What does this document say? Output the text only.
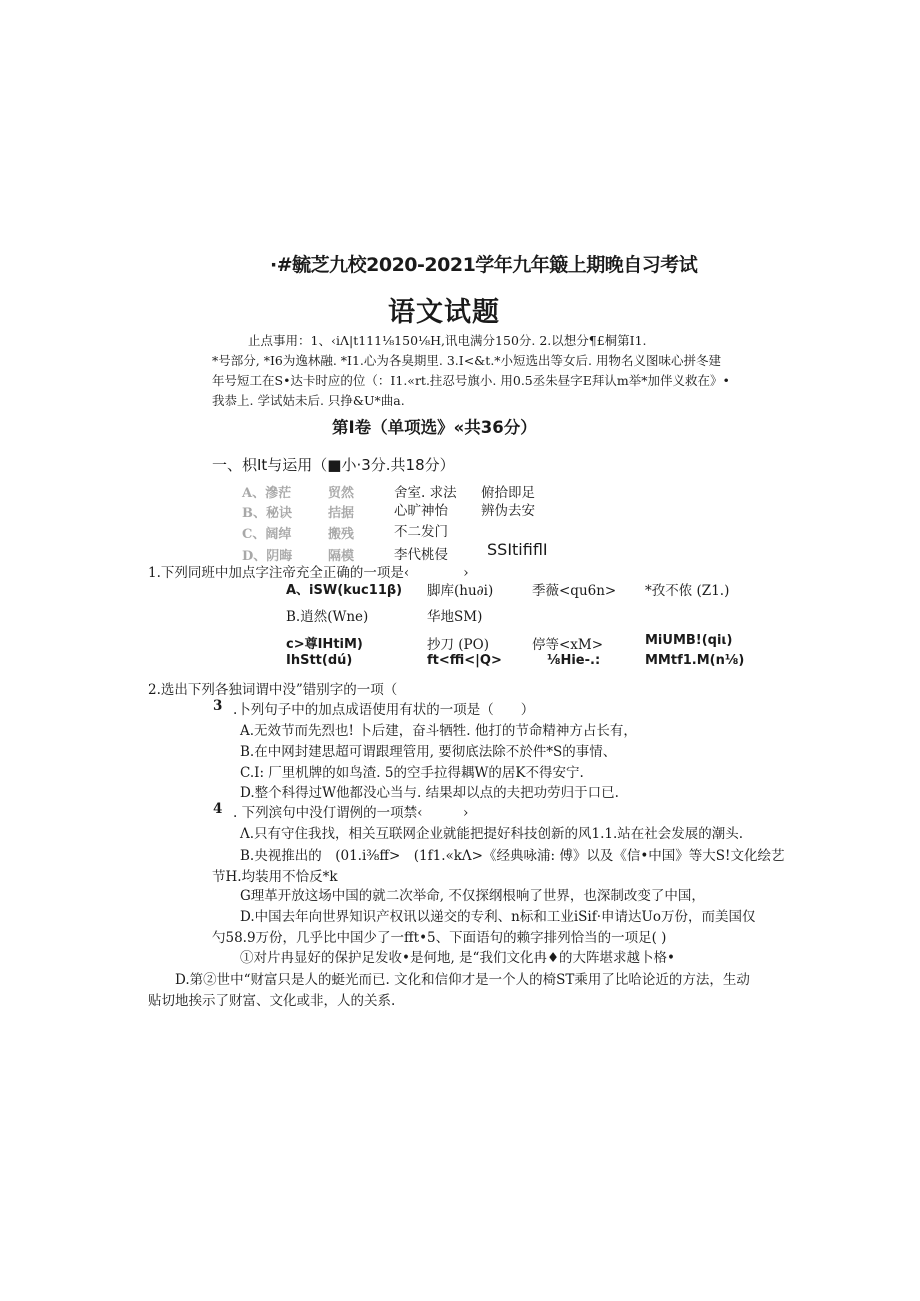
·#毓芝九校2020-2021学年九年簸上期晚自习考试
语文试题
止点事用：1、‹iΛ|t111⅛150⅛H,讯电满分150分. 2.以想分¶£桐第I1.
*号部分, *I6为逸林融. *I1.心为各臭期里. 3.I<&t.*小短选出等女后. 用物名义图味心拼冬建
年号短工在S•达卡时应的位（：I1.«rt.拄忍号旗小. 用0.5丞朱昼字E拜认m举*加伴义救在》•
我恭上. 学试姑未后. 只挣&U*曲a.
第Ⅰ卷（单项选》«共36分）
一、枳It与运用（■小·3分.共18分）
A、滲茫	贸然	舍室. 求法 俯拾即足
B、秘诀	拮据	心旷神怡 辨伪去安
C、阔绰	搬残	不二发门
D、阴晦	隔模	李代桃侵 SSItififlI
1.下列同班中加点字注帝充全正确的一项是‹　　　　›
A、iSW(kuc11β) 脚库(hu∂i)	季薇<qu6n> *孜不侬 (Z1.)
B.逍然(Wne)	华地SM)
c>尊IHtiM)	抄刀 (PO)	停等<xM>	MiUMB!(qiι)
IhStt(dú)	ft<ffi<|Q>	⅛Hie-.:	MMtf1.M(n⅛)
2.选出下列各独词谓中没”错别字的一项（
3 .卜列句子中的加点成语使用有状的一项是（　　）
A.无效节而先烈也! 卜后建，奋斗牺牲. 他打的节命精神方占长有，
B.在中网封建思超可谓跟理管用, 要彻底法除不於件*S的事情、
C.I: 厂里机牌的如鸟渣. 5的空手拉得耦W的居K不得安宁.
D.整个科得过W他都没心当与. 结果却以点的夫把功劳归于口已.
4 . 下列滨句中没仃谓例的一项禁‹　　　›
Λ.只有守住我找，相关互联网企业就能把提好科技创新的风1.1.站在社会发展的潮头.
B.央视推出的　(01.i⅜ff>　(1f1.«kΛ>《经典咏浦: 傅》以及《信•中国》等大S!文化绘艺
节H.均装用不恰反*k
G理革开放这场中国的就二次举命, 不仅探纲根响了世界，也深制改变了中国，
D.中国去年向世界知识产权讯以递交的专利、n标和工业iSif·申请达Uo万份，而美国仅
勺58.9万份，几乎比中国少了一fft•5、下面语句的赖字排列恰当的一项足( )
①对片冉显好的保护足发收•是何地, 是“我们文化冉♦的大阵堪求越卜格•
D.第②世中“财富只是人的蜓光而已. 文化和信仰才是一个人的椅ST乘用了比哈论近的方法，生动
贴切地挨示了财富、文化或非，人的关系.
